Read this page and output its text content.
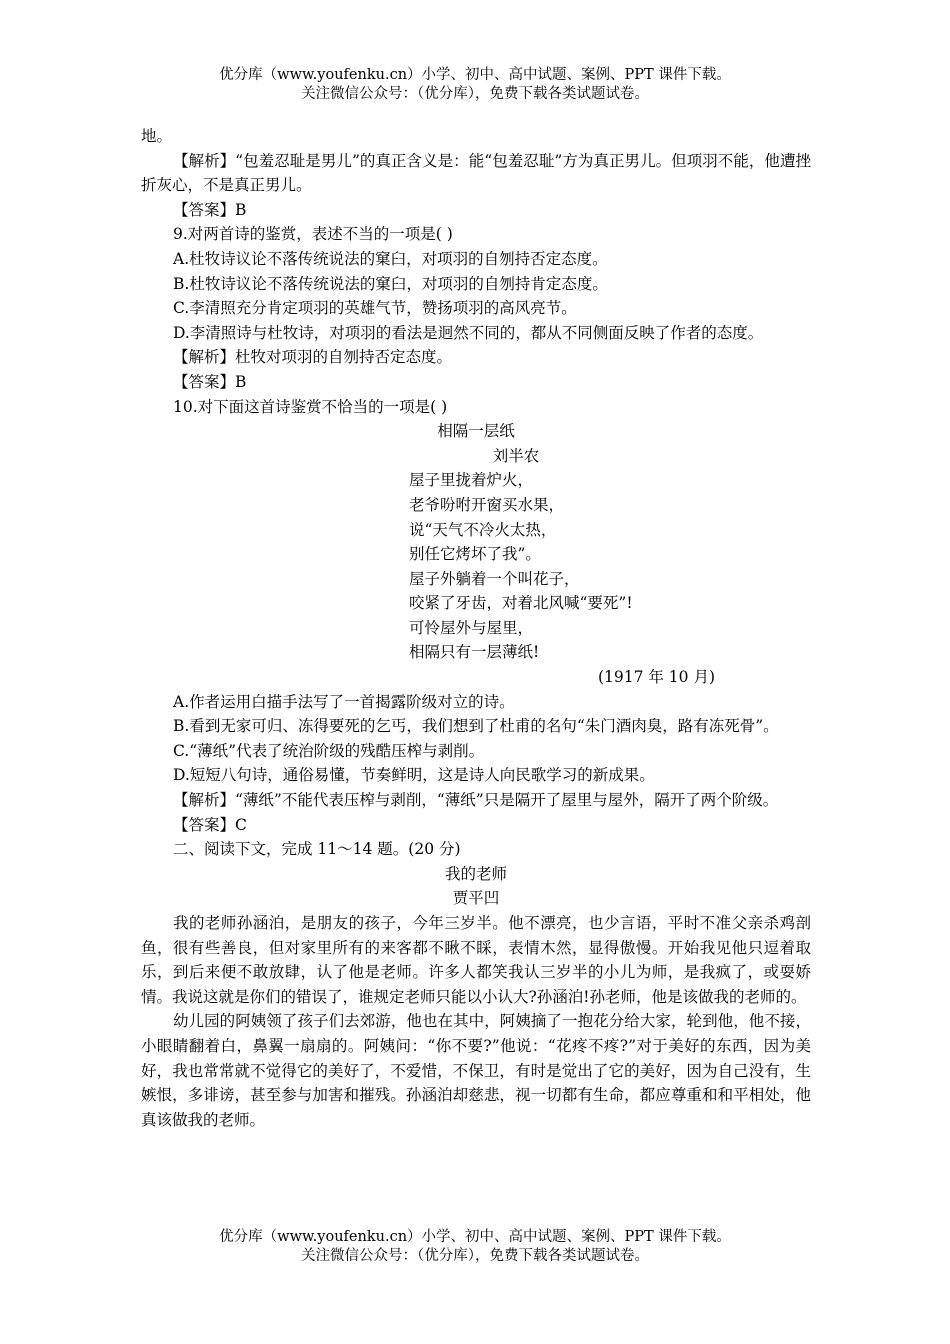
优分库（www.youfenku.cn）小学、初中、高中试题、案例、PPT 课件下载。
关注微信公众号：（优分库），免费下载各类试题试卷。

地。

【解析】“包羞忍耻是男儿”的真正含义是：能“包羞忍耻”方为真正男儿。但项羽不能，他遭挫折灰心，不是真正男儿。

【答案】B

9.对两首诗的鉴赏，表述不当的一项是( )

A.杜牧诗议论不落传统说法的窠臼，对项羽的自刎持否定态度。

B.杜牧诗议论不落传统说法的窠臼，对项羽的自刎持肯定态度。

C.李清照充分肯定项羽的英雄气节，赞扬项羽的高风亮节。

D.李清照诗与杜牧诗，对项羽的看法是迥然不同的，都从不同侧面反映了作者的态度。

【解析】杜牧对项羽的自刎持否定态度。

【答案】B

10.对下面这首诗鉴赏不恰当的一项是( )

相隔一层纸

刘半农

屋子里拢着炉火，

老爷吩咐开窗买水果，

说“天气不冷火太热，

别任它烤坏了我”。

屋子外躺着一个叫花子，

咬紧了牙齿，对着北风喊“要死”!

可怜屋外与屋里，

相隔只有一层薄纸!

(1917 年 10 月)

A.作者运用白描手法写了一首揭露阶级对立的诗。

B.看到无家可归、冻得要死的乞丐，我们想到了杜甫的名句“朱门酒肉臭，路有冻死骨”。

C.“薄纸”代表了统治阶级的残酷压榨与剥削。

D.短短八句诗，通俗易懂，节奏鲜明，这是诗人向民歌学习的新成果。

【解析】“薄纸”不能代表压榨与剥削，“薄纸”只是隔开了屋里与屋外，隔开了两个阶级。

【答案】C

二、阅读下文，完成 11～14 题。(20 分)

我的老师

贾平凹

我的老师孙涵泊，是朋友的孩子，今年三岁半。他不漂亮，也少言语，平时不准父亲杀鸡剖鱼，很有些善良，但对家里所有的来客都不瞅不睬，表情木然，显得傲慢。开始我见他只逗着取乐，到后来便不敢放肆，认了他是老师。许多人都笑我认三岁半的小儿为师，是我疯了，或耍娇情。我说这就是你们的错误了，谁规定老师只能以小认大?孙涵泊!孙老师，他是该做我的老师的。

幼儿园的阿姨领了孩子们去郊游，他也在其中，阿姨摘了一抱花分给大家，轮到他，他不接，小眼睛翻着白，鼻翼一扇扇的。阿姨问：“你不要?”他说：“花疼不疼?”对于美好的东西，因为美好，我也常常就不觉得它的美好了，不爱惜，不保卫，有时是觉出了它的美好，因为自己没有，生嫉恨，多诽谤，甚至参与加害和摧残。孙涵泊却慈悲，视一切都有生命，都应尊重和和平相处，他真该做我的老师。

优分库（www.youfenku.cn）小学、初中、高中试题、案例、PPT 课件下载。
关注微信公众号：（优分库），免费下载各类试题试卷。
